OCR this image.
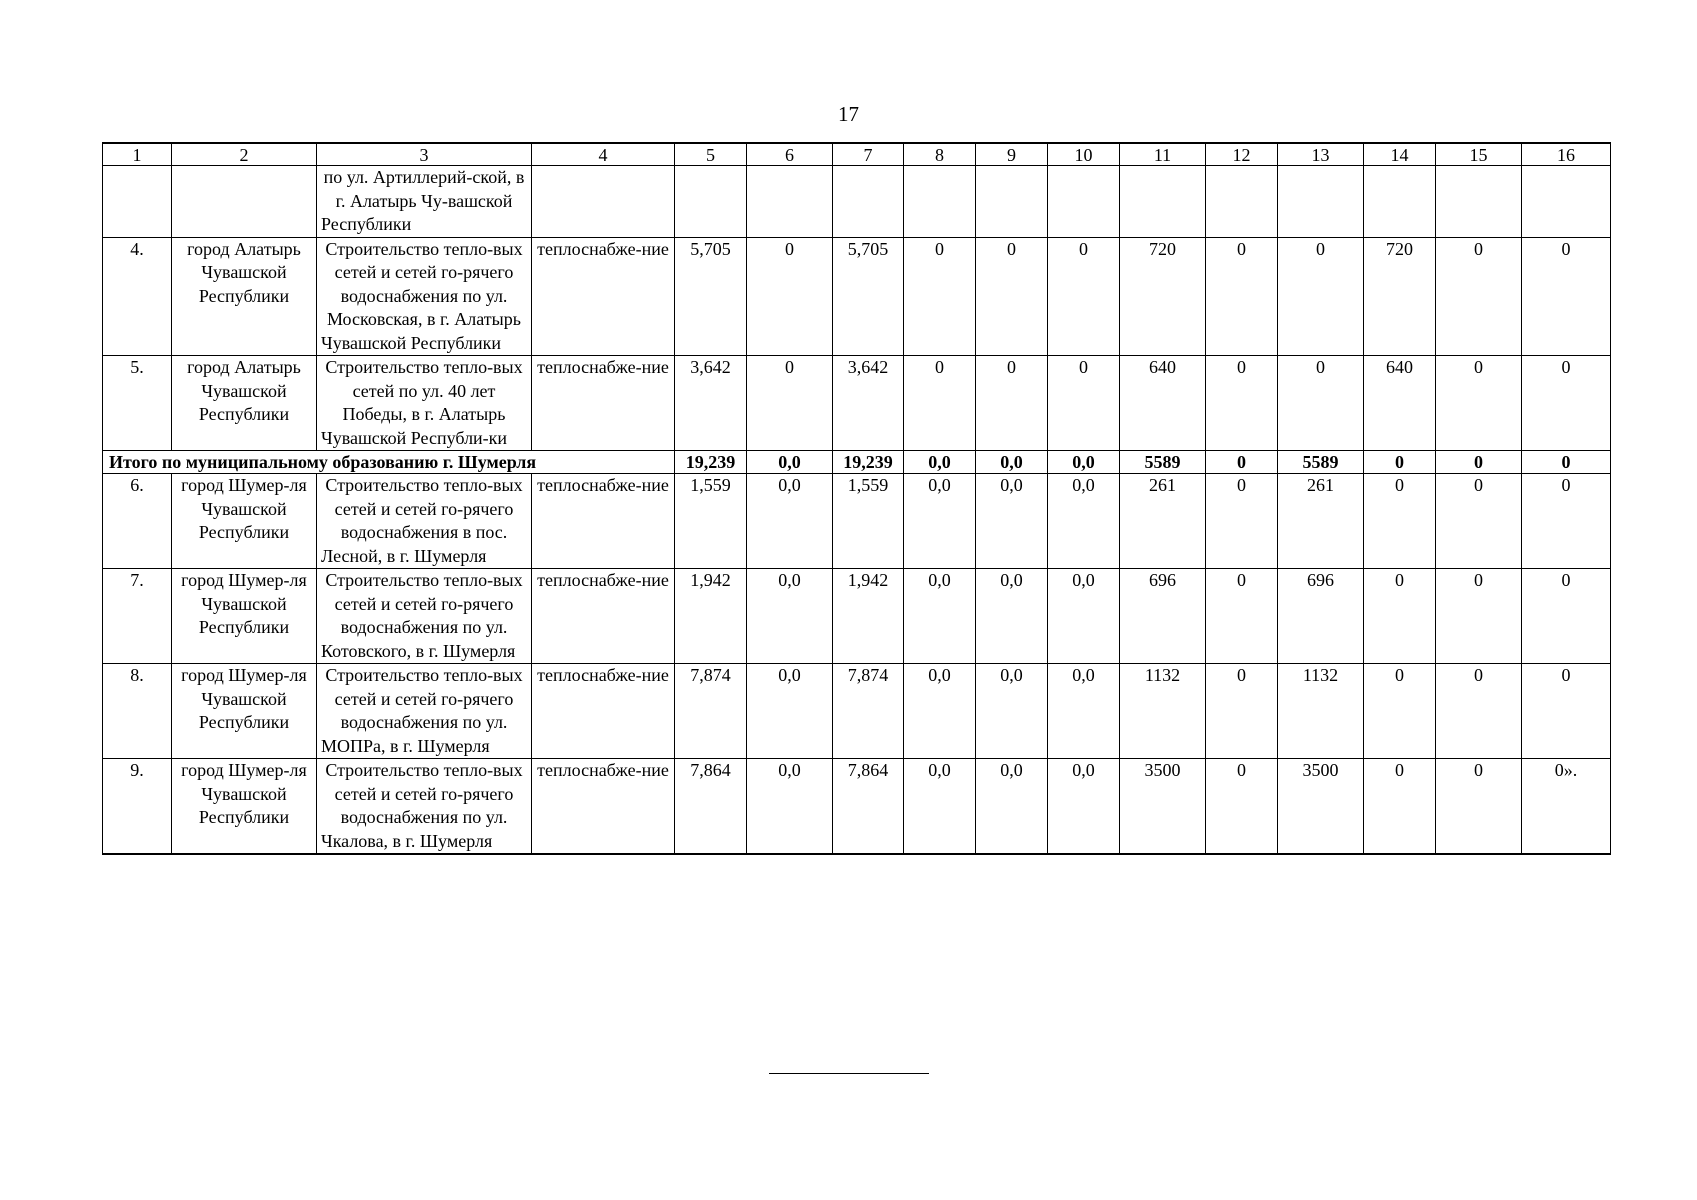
17
1	2	3	4	5	6	7	8	9	10	11	12	13	14	15	16
		по ул. Артиллерий-ской, в г. Алатырь Чу-вашской Республики													
4.	город Алатырь Чувашской Республики	Строительство тепло-вых сетей и сетей го-рячего водоснабжения по ул. Московская, в г. Алатырь Чувашской Республики	теплоснабже-ние	5,705	0	5,705	0	0	0	720	0	0	720	0	0
5.	город Алатырь Чувашской Республики	Строительство тепло-вых сетей по ул. 40 лет Победы, в г. Алатырь Чувашской Республи-ки	теплоснабже-ние	3,642	0	3,642	0	0	0	640	0	0	640	0	0
Итого по муниципальному образованию г. Шумерля				19,239	0,0	19,239	0,0	0,0	0,0	5589	0	5589	0	0	0
6.	город Шумер-ля Чувашской Республики	Строительство тепло-вых сетей и сетей го-рячего водоснабжения в пос. Лесной, в г. Шумерля	теплоснабже-ние	1,559	0,0	1,559	0,0	0,0	0,0	261	0	261	0	0	0
7.	город Шумер-ля Чувашской Республики	Строительство тепло-вых сетей и сетей го-рячего водоснабжения по ул. Котовского, в г. Шумерля	теплоснабже-ние	1,942	0,0	1,942	0,0	0,0	0,0	696	0	696	0	0	0
8.	город Шумер-ля Чувашской Республики	Строительство тепло-вых сетей и сетей го-рячего водоснабжения по ул. МОПРа, в г. Шумерля	теплоснабже-ние	7,874	0,0	7,874	0,0	0,0	0,0	1132	0	1132	0	0	0
9.	город Шумер-ля Чувашской Республики	Строительство тепло-вых сетей и сетей го-рячего водоснабжения по ул. Чкалова, в г. Шумерля	теплоснабже-ние	7,864	0,0	7,864	0,0	0,0	0,0	3500	0	3500	0	0	0».
